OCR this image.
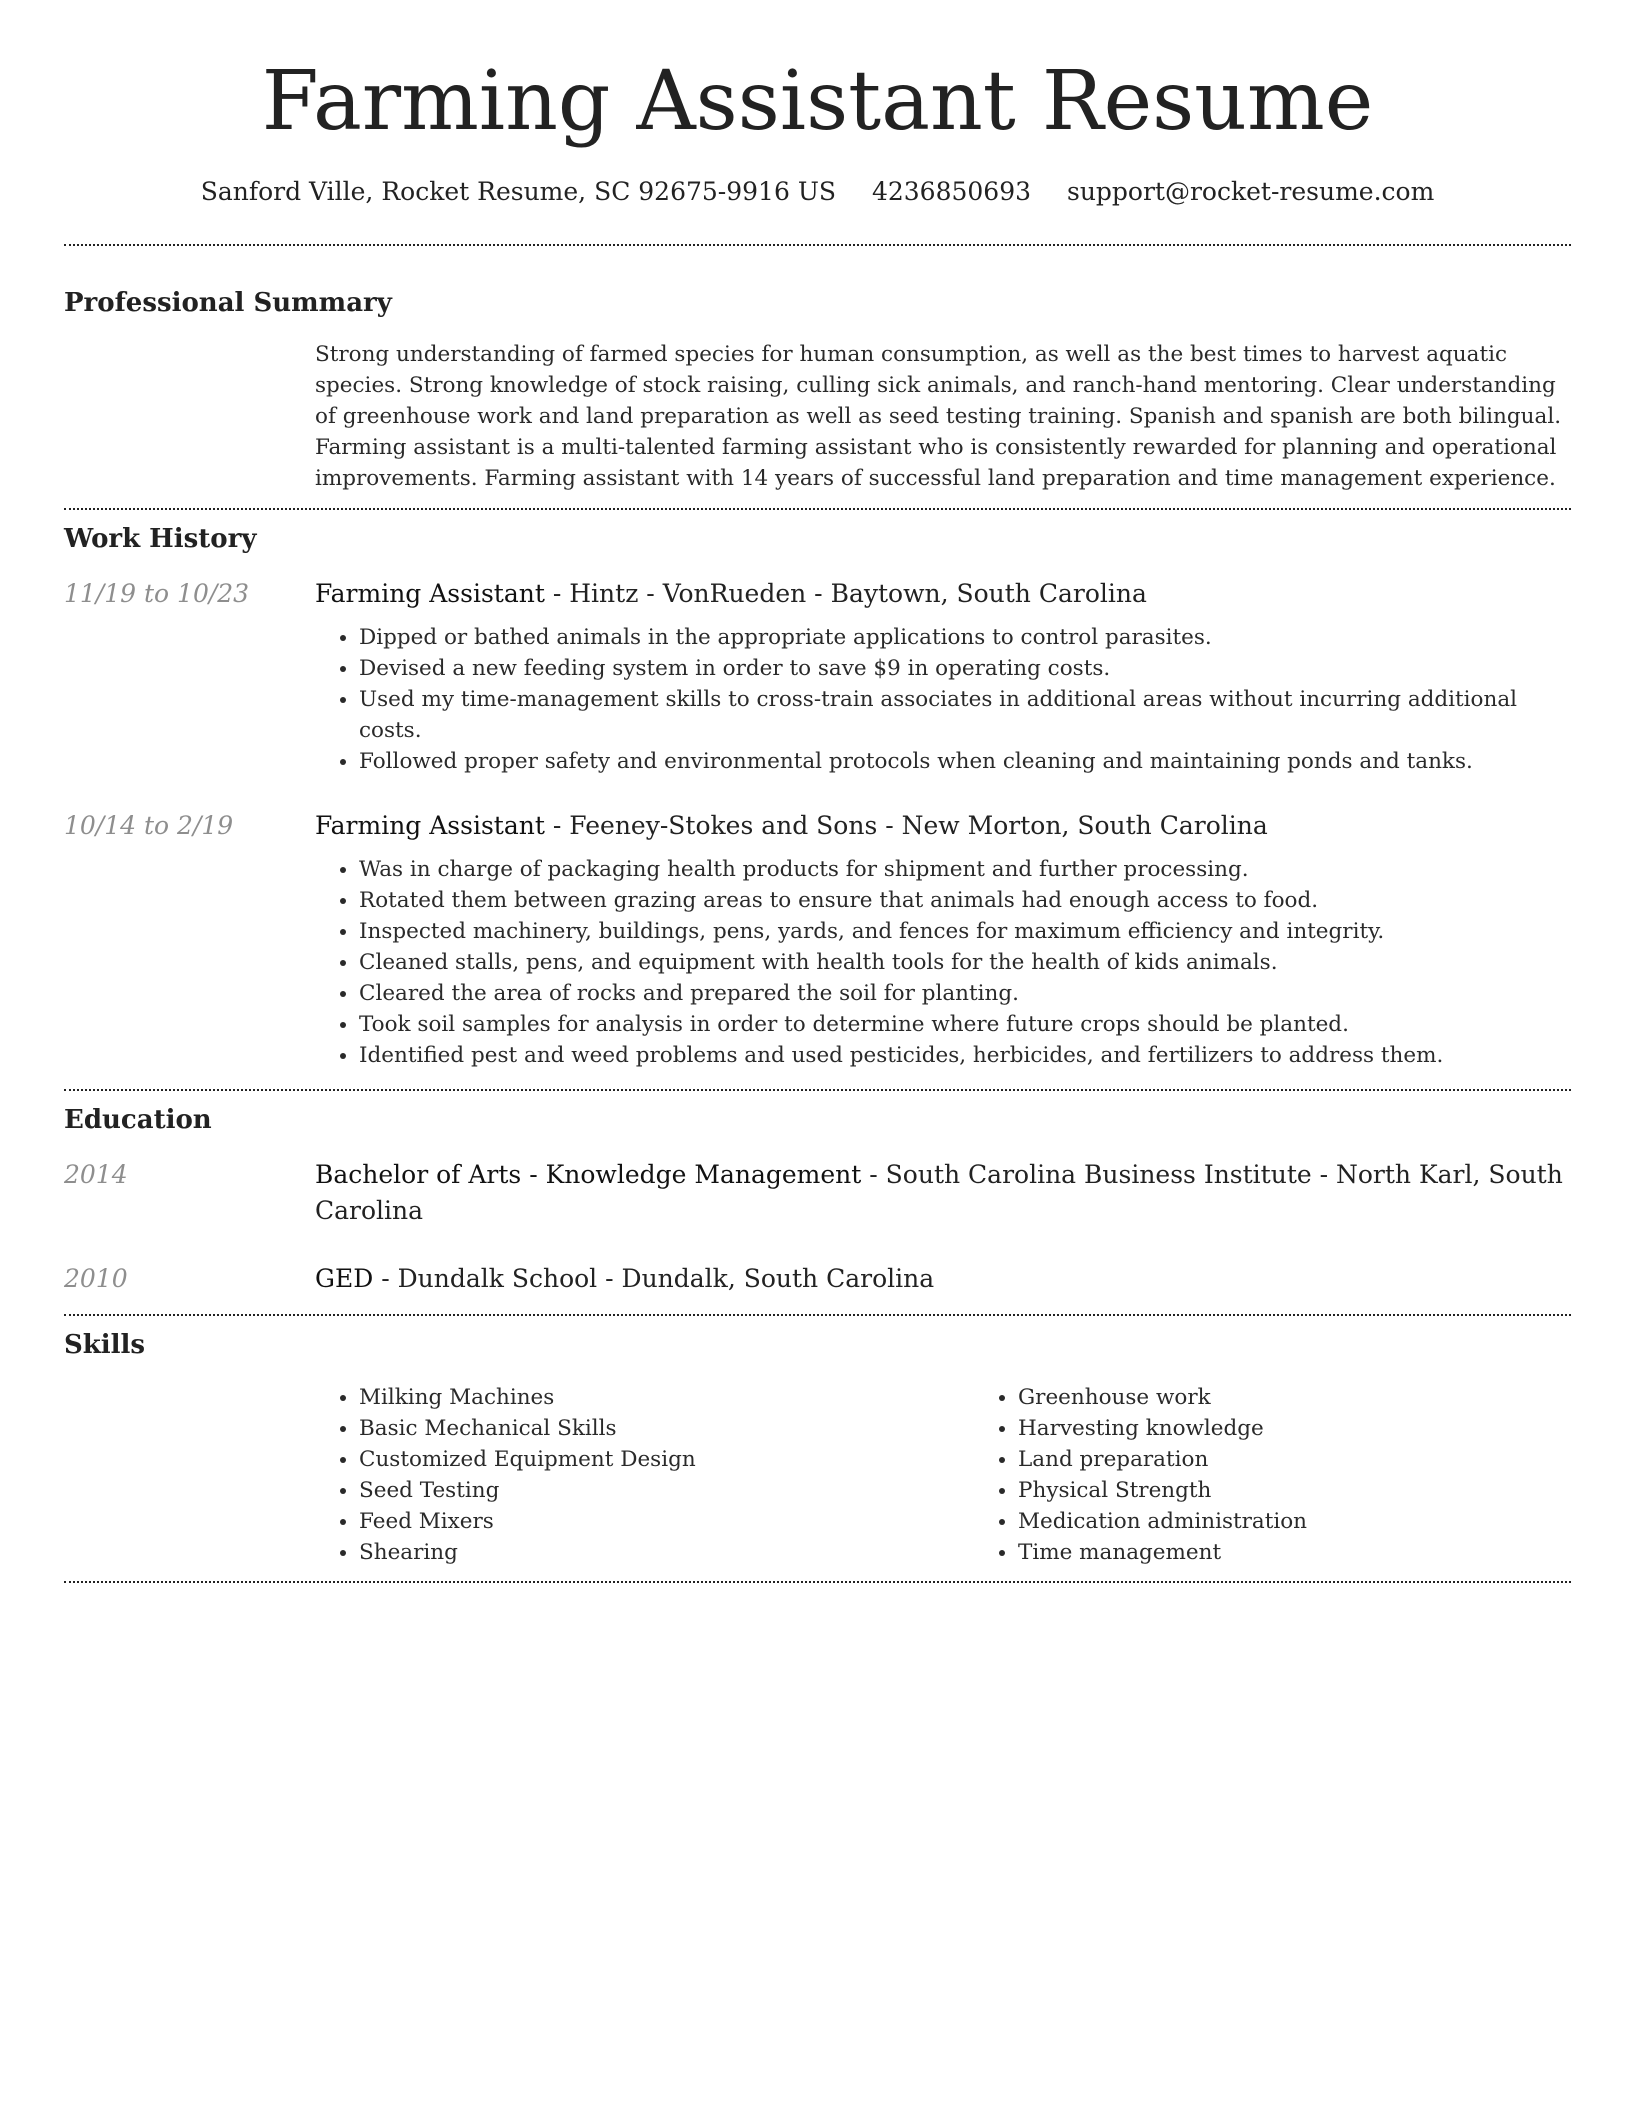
Farming Assistant Resume
Sanford Ville, Rocket Resume, SC 92675-9916 US 4236850693 support@rocket-resume.com
Professional Summary

Strong understanding of farmed species for human consumption, as well as the best times to harvest aquatic species. Strong knowledge of stock raising, culling sick animals, and ranch-hand mentoring. Clear understanding of greenhouse work and land preparation as well as seed testing training. Spanish and spanish are both bilingual. Farming assistant is a multi-talented farming assistant who is consistently rewarded for planning and operational improvements. Farming assistant with 14 years of successful land preparation and time management experience.

Work History
11/19 to 10/23	Farming Assistant - Hintz - VonRueden - Baytown, South Carolina
• Dipped or bathed animals in the appropriate applications to control parasites.
• Devised a new feeding system in order to save $9 in operating costs.
• Used my time-management skills to cross-train associates in additional areas without incurring additional costs.
• Followed proper safety and environmental protocols when cleaning and maintaining ponds and tanks.
10/14 to 2/19	Farming Assistant - Feeney-Stokes and Sons - New Morton, South Carolina
• Was in charge of packaging health products for shipment and further processing.
• Rotated them between grazing areas to ensure that animals had enough access to food.
• Inspected machinery, buildings, pens, yards, and fences for maximum efficiency and integrity.
• Cleaned stalls, pens, and equipment with health tools for the health of kids animals.
• Cleared the area of rocks and prepared the soil for planting.
• Took soil samples for analysis in order to determine where future crops should be planted.
• Identified pest and weed problems and used pesticides, herbicides, and fertilizers to address them.
Education
2014	Bachelor of Arts - Knowledge Management - South Carolina Business Institute - North Karl, South Carolina
2010	GED - Dundalk School - Dundalk, South Carolina
Skills
• Milking Machines
• Basic Mechanical Skills
• Customized Equipment Design
• Seed Testing
• Feed Mixers
• Shearing
• Greenhouse work
• Harvesting knowledge
• Land preparation
• Physical Strength
• Medication administration
• Time management
